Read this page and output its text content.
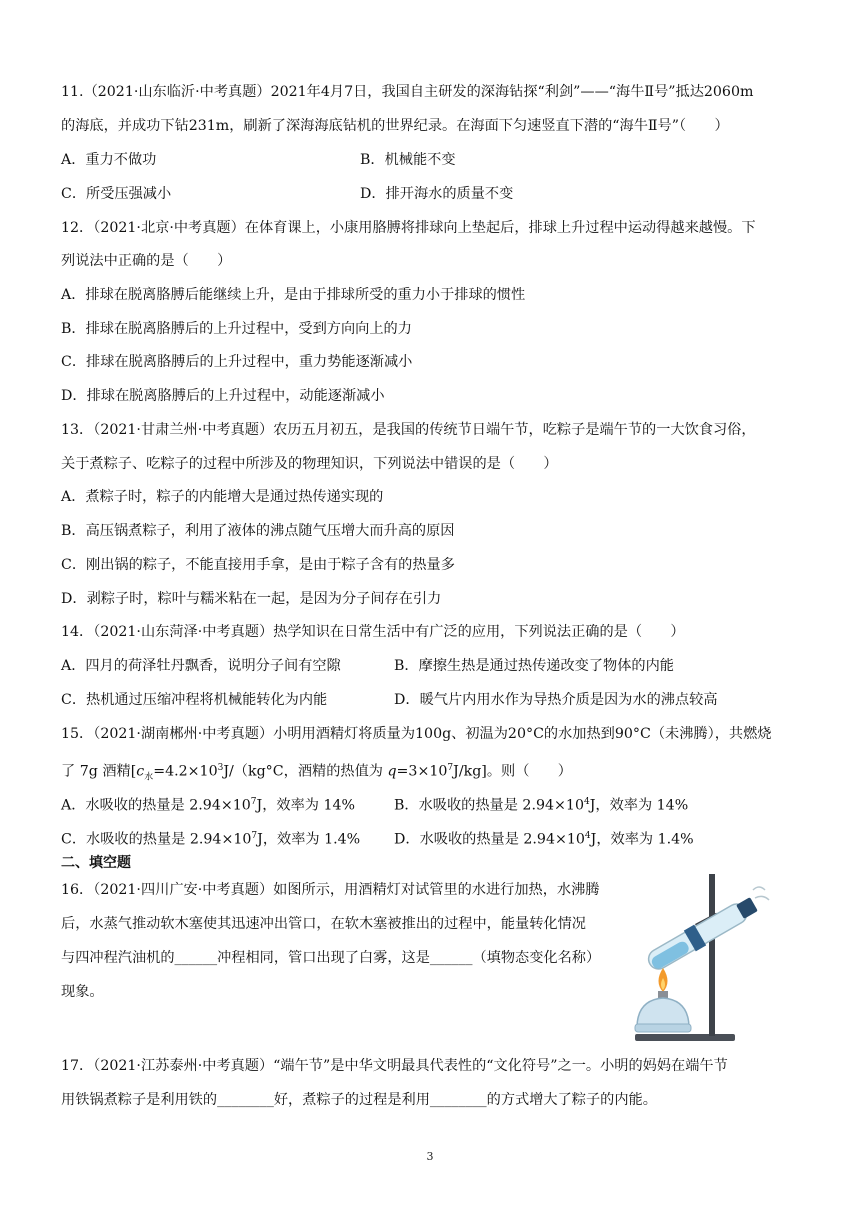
11.（2021·山东临沂·中考真题）2021年4月7日，我国自主研发的深海钻探“利剑”——“海牛Ⅱ号”抵达2060m
的海底，并成功下钻231m，刷新了深海海底钻机的世界纪录。在海面下匀速竖直下潜的“海牛Ⅱ号”（　　）
A．重力不做功	B．机械能不变
C．所受压强减小	D．排开海水的质量不变
12．（2021·北京·中考真题）在体育课上，小康用胳膊将排球向上垫起后，排球上升过程中运动得越来越慢。下
列说法中正确的是（　　）
A．排球在脱离胳膊后能继续上升，是由于排球所受的重力小于排球的惯性
B．排球在脱离胳膊后的上升过程中，受到方向向上的力
C．排球在脱离胳膊后的上升过程中，重力势能逐渐减小
D．排球在脱离胳膊后的上升过程中，动能逐渐减小
13．（2021·甘肃兰州·中考真题）农历五月初五，是我国的传统节日端午节，吃粽子是端午节的一大饮食习俗，
关于煮粽子、吃粽子的过程中所涉及的物理知识，下列说法中错误的是（　　）
A．煮粽子时，粽子的内能增大是通过热传递实现的
B．高压锅煮粽子，利用了液体的沸点随气压增大而升高的原因
C．刚出锅的粽子，不能直接用手拿，是由于粽子含有的热量多
D．剥粽子时，粽叶与糯米粘在一起，是因为分子间存在引力
14．（2021·山东菏泽·中考真题）热学知识在日常生活中有广泛的应用，下列说法正确的是（　　）
A．四月的荷泽牡丹飘香，说明分子间有空隙	B．摩擦生热是通过热传递改变了物体的内能
C．热机通过压缩冲程将机械能转化为内能	D．暖气片内用水作为导热介质是因为水的沸点较高
15．（2021·湖南郴州·中考真题）小明用酒精灯将质量为100g、初温为20°C的水加热到90°C（未沸腾），共燃烧
了 7g 酒精[$c_水=4.2\times 10^3J/(kg^\circ C$，酒精的热值为 $q=3\times 10^7J/kg$]。则（　　）
A．水吸收的热量是 $2.94\times 10^7J$，效率为 14%	B．水吸收的热量是 $2.94\times 10^4J$，效率为 14%
C．水吸收的热量是 $2.94\times 10^7J$，效率为 1.4% D．水吸收的热量是 $2.94\times 10^4J$，效率为 1.4%
二、填空题
16．（2021·四川广安·中考真题）如图所示，用酒精灯对试管里的水进行加热，水沸腾
后，水蒸气推动软木塞使其迅速冲出管口，在软木塞被推出的过程中，能量转化情况
与四冲程汽油机的______冲程相同，管口出现了白雾，这是______（填物态变化名称）
现象。
17．（2021·江苏泰州·中考真题）“端午节”是中华文明最具代表性的“文化符号”之一。小明的妈妈在端午节
用铁锅煮粽子是利用铁的________好，煮粽子的过程是利用________的方式增大了粽子的内能。
3
